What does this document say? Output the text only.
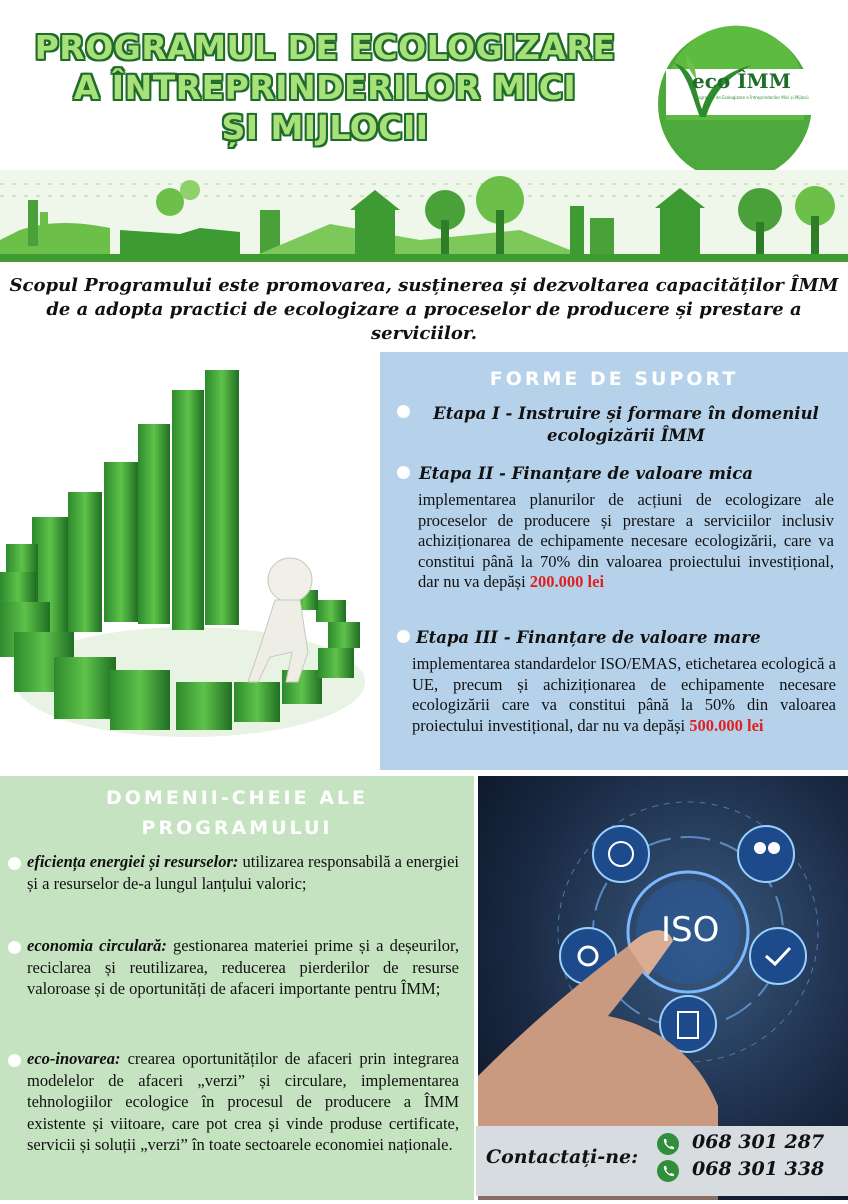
PROGRAMUL DE ECOLOGIZARE
A ÎNTREPRINDERILOR MICI
ȘI MIJLOCII
eco ÎMM
Programul de Ecologizare a Întreprinderilor Mici și Mijlocii
Scopul Programului este promovarea, susținerea și dezvoltarea capacităților ÎMM de a adopta practici de ecologizare a proceselor de producere și prestare a serviciilor.
FORME DE SUPORT
Etapa I - Instruire și formare în domeniul ecologizării ÎMM
Etapa II - Finanțare de valoare mica
implementarea planurilor de acțiuni de ecologizare ale proceselor de producere și prestare a serviciilor inclusiv achiziționarea de echipamente necesare ecologizării, care va constitui până la 70% din valoarea proiectului investițional, dar nu va depăși 200.000 lei
Etapa III - Finanțare de valoare mare
implementarea standardelor ISO/EMAS, etichetarea ecologică a UE, precum și achiziționarea de echipamente necesare ecologizării care va constitui până la 50% din valoarea proiectului investițional, dar nu va depăși 500.000 lei
DOMENII-CHEIE ALE
PROGRAMULUI
eficiența energiei și resurselor: utilizarea responsabilă a energiei și a resurselor de-a lungul lanțului valoric;
economia circulară: gestionarea materiei prime și a deșeurilor, reciclarea și reutilizarea, reducerea pierderilor de resurse valoroase și de oportunități de afaceri importante pentru ÎMM;
eco-inovarea: crearea oportunităților de afaceri prin integrarea modelelor de afaceri „verzi” și circulare, implementarea tehnologiilor ecologice în procesul de producere a ÎMM existente și viitoare, care pot crea și vinde produse certificate, servicii și soluții „verzi” în toate sectoarele economiei naționale.
ISO
Contactați-ne:
068 301 287
068 301 338
